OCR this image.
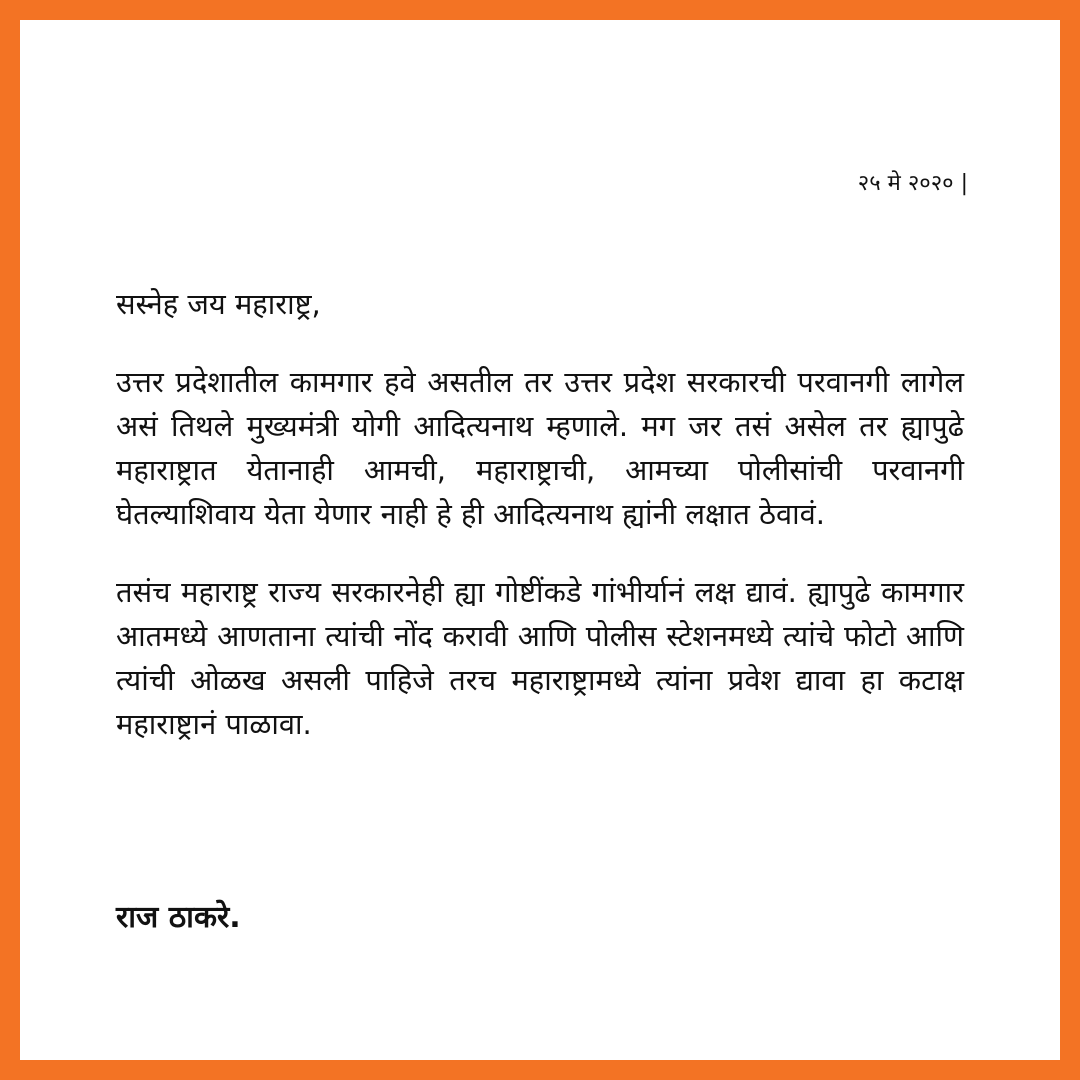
२५ मे २०२० |

सस्नेह जय महाराष्ट्र,

उत्तर प्रदेशातील कामगार हवे असतील तर उत्तर प्रदेश सरकारची परवानगी लागेल असं तिथले मुख्यमंत्री योगी आदित्यनाथ म्हणाले. मग जर तसं असेल तर ह्यापुढे महाराष्ट्रात येतानाही आमची, महाराष्ट्राची, आमच्या पोलीसांची परवानगी घेतल्याशिवाय येता येणार नाही हे ही आदित्यनाथ ह्यांनी लक्षात ठेवावं.

तसंच महाराष्ट्र राज्य सरकारनेही ह्या गोष्टींकडे गांभीर्यानं लक्ष द्यावं. ह्यापुढे कामगार आतमध्ये आणताना त्यांची नोंद करावी आणि पोलीस स्टेशनमध्ये त्यांचे फोटो आणि त्यांची ओळख असली पाहिजे तरच महाराष्ट्रामध्ये त्यांना प्रवेश द्यावा हा कटाक्ष महाराष्ट्रानं पाळावा.

राज ठाकरे.
